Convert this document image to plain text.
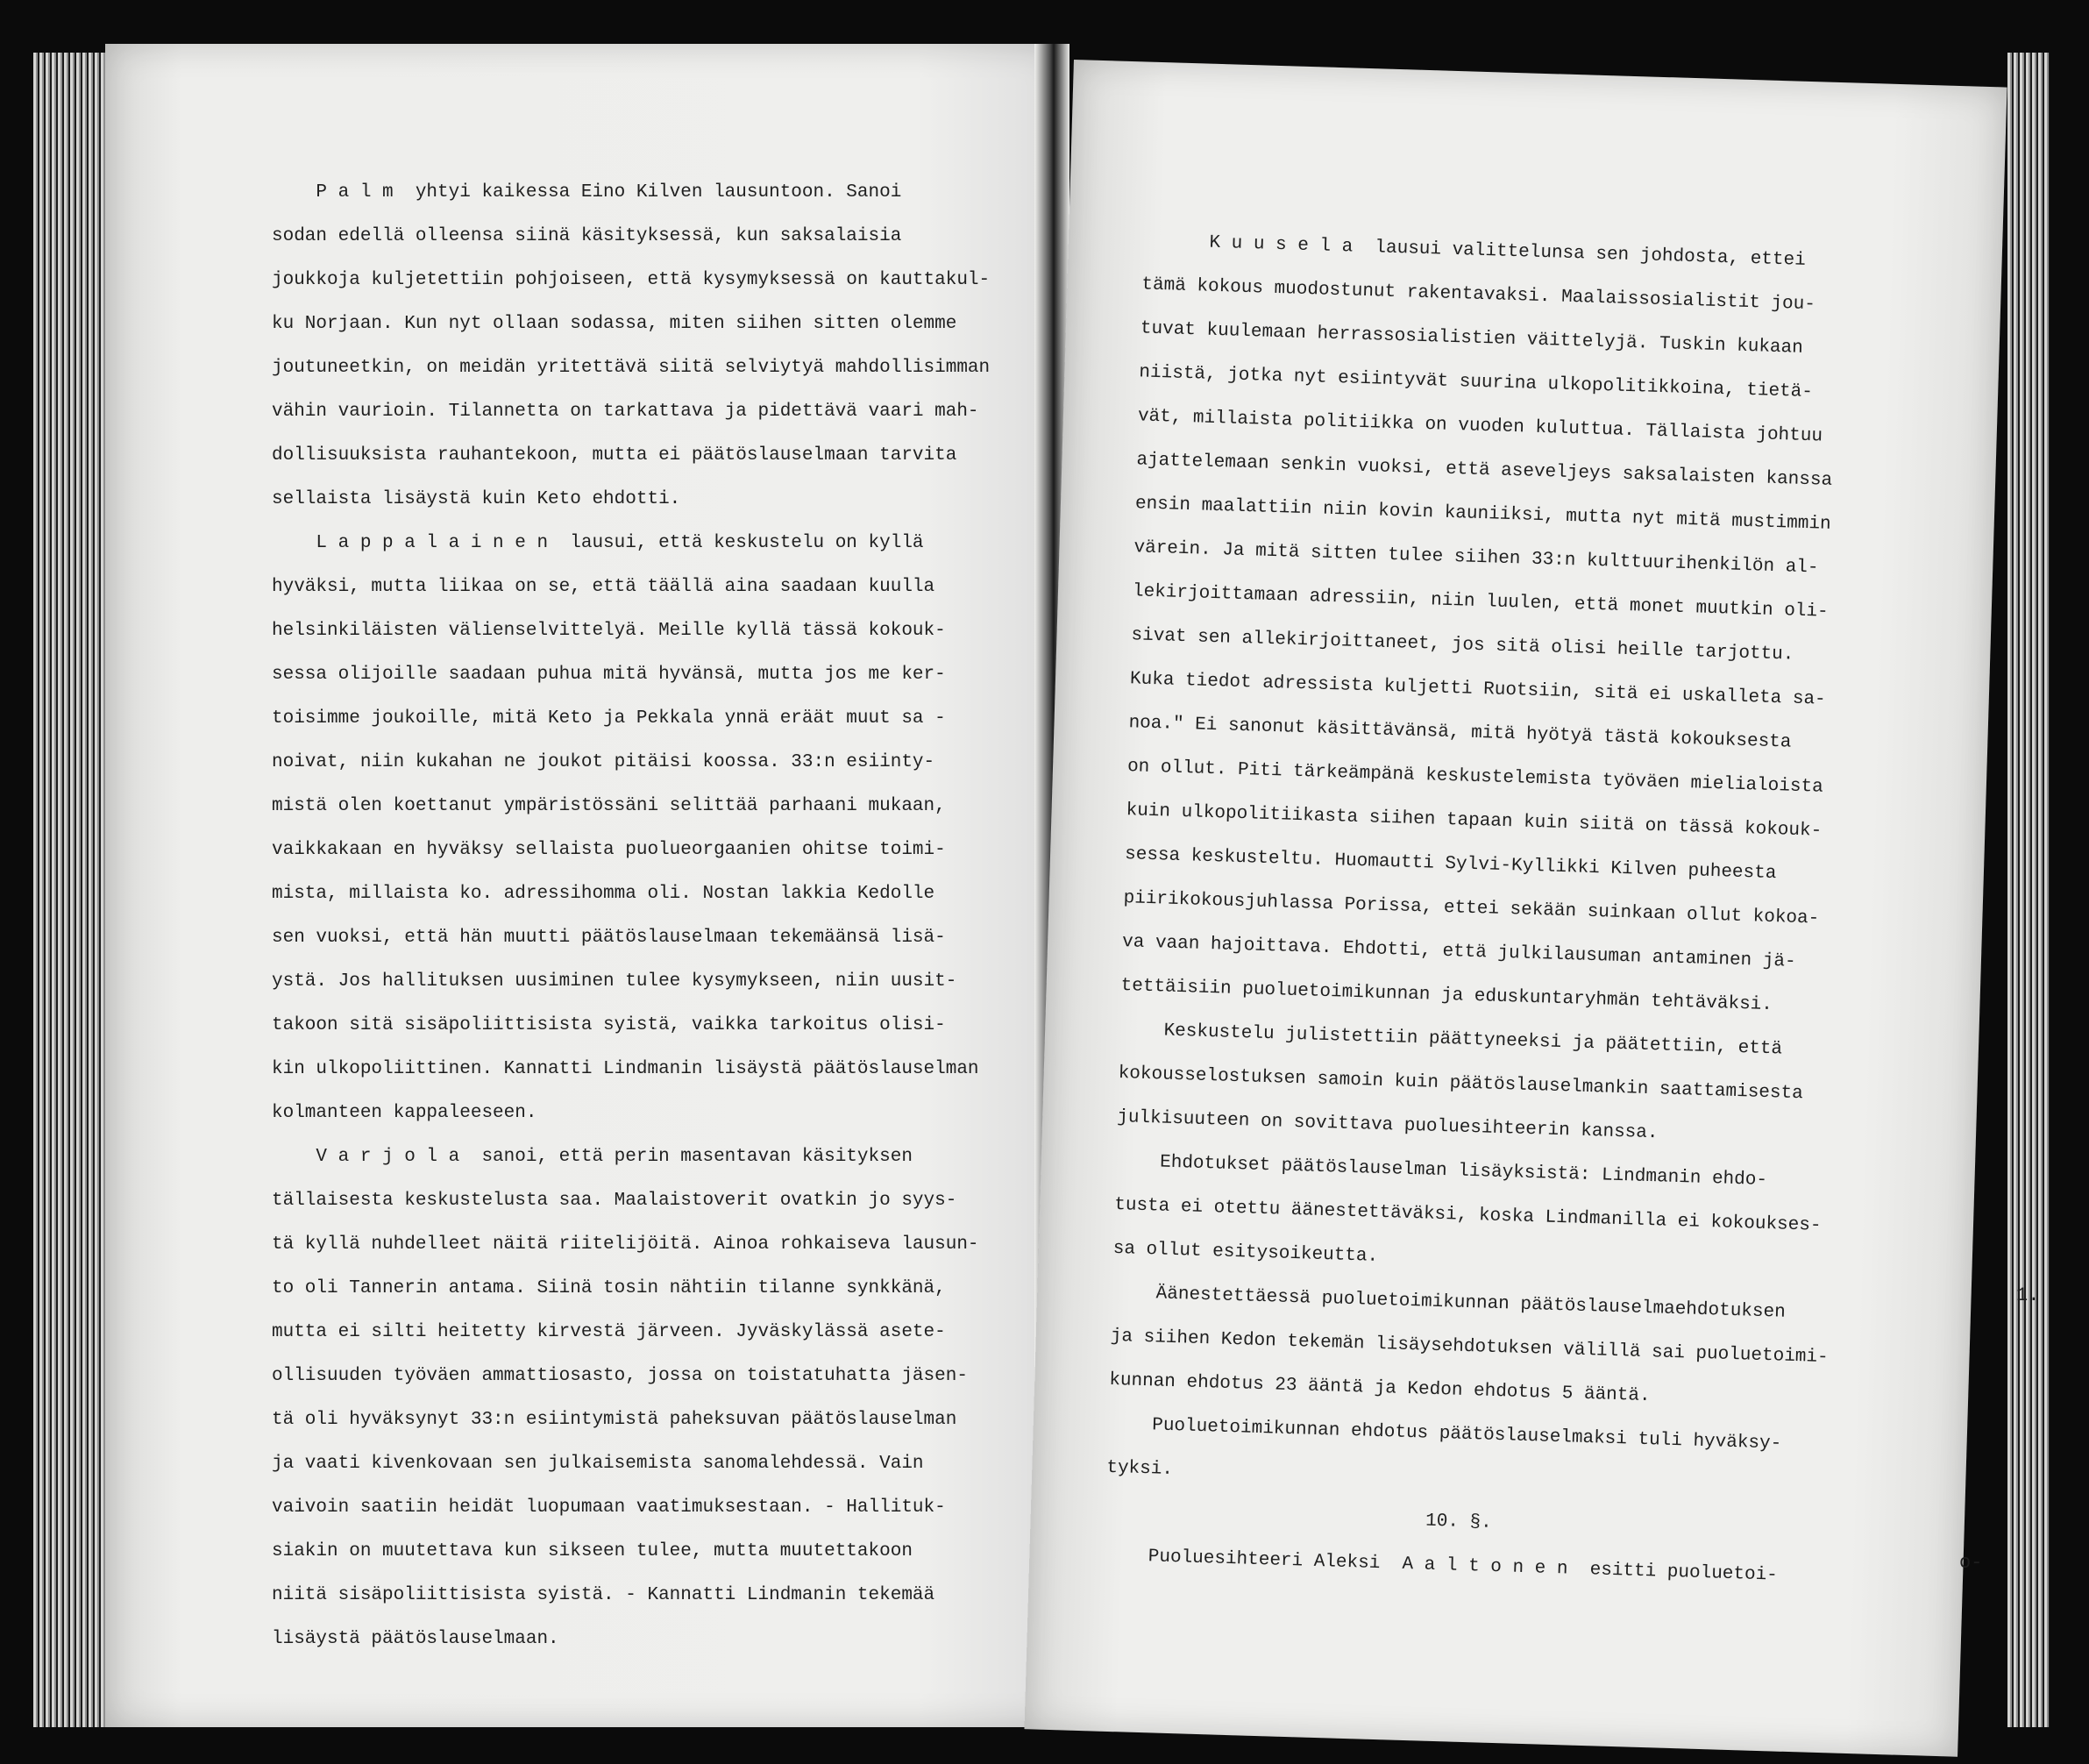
P a l m  yhtyi kaikessa Eino Kilven lausuntoon. Sanoi

sodan edellä olleensa siinä käsityksessä, kun saksalaisia

joukkoja kuljetettiin pohjoiseen, että kysymyksessä on kauttakul-

ku Norjaan. Kun nyt ollaan sodassa, miten siihen sitten olemme

joutuneetkin, on meidän yritettävä siitä selviytyä mahdollisimman

vähin vaurioin. Tilannetta on tarkattava ja pidettävä vaari mah-

dollisuuksista rauhantekoon, mutta ei päätöslauselmaan tarvita

sellaista lisäystä kuin Keto ehdotti.

L a p p a l a i n e n  lausui, että keskustelu on kyllä

hyväksi, mutta liikaa on se, että täällä aina saadaan kuulla

helsinkiläisten välienselvittelyä. Meille kyllä tässä kokouk-

sessa olijoille saadaan puhua mitä hyvänsä, mutta jos me ker-

toisimme joukoille, mitä Keto ja Pekkala ynnä eräät muut sa -

noivat, niin kukahan ne joukot pitäisi koossa. 33:n esiinty-

mistä olen koettanut ympäristössäni selittää parhaani mukaan,

vaikkakaan en hyväksy sellaista puolueorgaanien ohitse toimi-

mista, millaista ko. adressihomma oli. Nostan lakkia Kedolle

sen vuoksi, että hän muutti päätöslauselmaan tekemäänsä lisä-

ystä. Jos hallituksen uusiminen tulee kysymykseen, niin uusit-

takoon sitä sisäpoliittisista syistä, vaikka tarkoitus olisi-

kin ulkopoliittinen. Kannatti Lindmanin lisäystä päätöslauselman

kolmanteen kappaleeseen.

V a r j o l a  sanoi, että perin masentavan käsityksen

tällaisesta keskustelusta saa. Maalaistoverit ovatkin jo syys-

tä kyllä nuhdelleet näitä riitelijöitä. Ainoa rohkaiseva lausun-

to oli Tannerin antama. Siinä tosin nähtiin tilanne synkkänä,

mutta ei silti heitetty kirvestä järveen. Jyväskylässä asete-

ollisuuden työväen ammattiosasto, jossa on toistatuhatta jäsen-

tä oli hyväksynyt 33:n esiintymistä paheksuvan päätöslauselman

ja vaati kivenkovaan sen julkaisemista sanomalehdessä. Vain

vaivoin saatiin heidät luopumaan vaatimuksestaan. - Hallituk-

siakin on muutettava kun sikseen tulee, mutta muutettakoon

niitä sisäpoliittisista syistä. - Kannatti Lindmanin tekemää

lisäystä päätöslauselmaan.

K u u s e l a  lausui valittelunsa sen johdosta, ettei

tämä kokous muodostunut rakentavaksi. Maalaissosialistit jou-

tuvat kuulemaan herrassosialistien väittelyjä. Tuskin kukaan

niistä, jotka nyt esiintyvät suurina ulkopolitikkoina, tietä-

vät, millaista politiikka on vuoden kuluttua. Tällaista johtuu

ajattelemaan senkin vuoksi, että aseveljeys saksalaisten kanssa

ensin maalattiin niin kovin kauniiksi, mutta nyt mitä mustimmin

värein. Ja mitä sitten tulee siihen 33:n kulttuurihenkilön al-

lekirjoittamaan adressiin, niin luulen, että monet muutkin oli-

sivat sen allekirjoittaneet, jos sitä olisi heille tarjottu.

Kuka tiedot adressista kuljetti Ruotsiin, sitä ei uskalleta sa-

noa." Ei sanonut käsittävänsä, mitä hyötyä tästä kokouksesta

on ollut. Piti tärkeämpänä keskustelemista työväen mielialoista

kuin ulkopolitiikasta siihen tapaan kuin siitä on tässä kokouk-

sessa keskusteltu. Huomautti Sylvi-Kyllikki Kilven puheesta

piirikokousjuhlassa Porissa, ettei sekään suinkaan ollut kokoa-

va vaan hajoittava. Ehdotti, että julkilausuman antaminen jä-

tettäisiin puoluetoimikunnan ja eduskuntaryhmän tehtäväksi.

Keskustelu julistettiin päättyneeksi ja päätettiin, että

kokousselostuksen samoin kuin päätöslauselmankin saattamisesta

julkisuuteen on sovittava puoluesihteerin kanssa.

Ehdotukset päätöslauselman lisäyksistä: Lindmanin ehdo-

tusta ei otettu äänestettäväksi, koska Lindmanilla ei kokoukses-

sa ollut esitysoikeutta.

Äänestettäessä puoluetoimikunnan päätöslauselmaehdotuksen

ja siihen Kedon tekemän lisäysehdotuksen välillä sai puoluetoimi-

kunnan ehdotus 23 ääntä ja Kedon ehdotus 5 ääntä.

Puoluetoimikunnan ehdotus päätöslauselmaksi tuli hyväksy-

tyksi.

10. §.

Puoluesihteeri Aleksi  A a l t o n e n  esitti puoluetoi-

1.
o-
